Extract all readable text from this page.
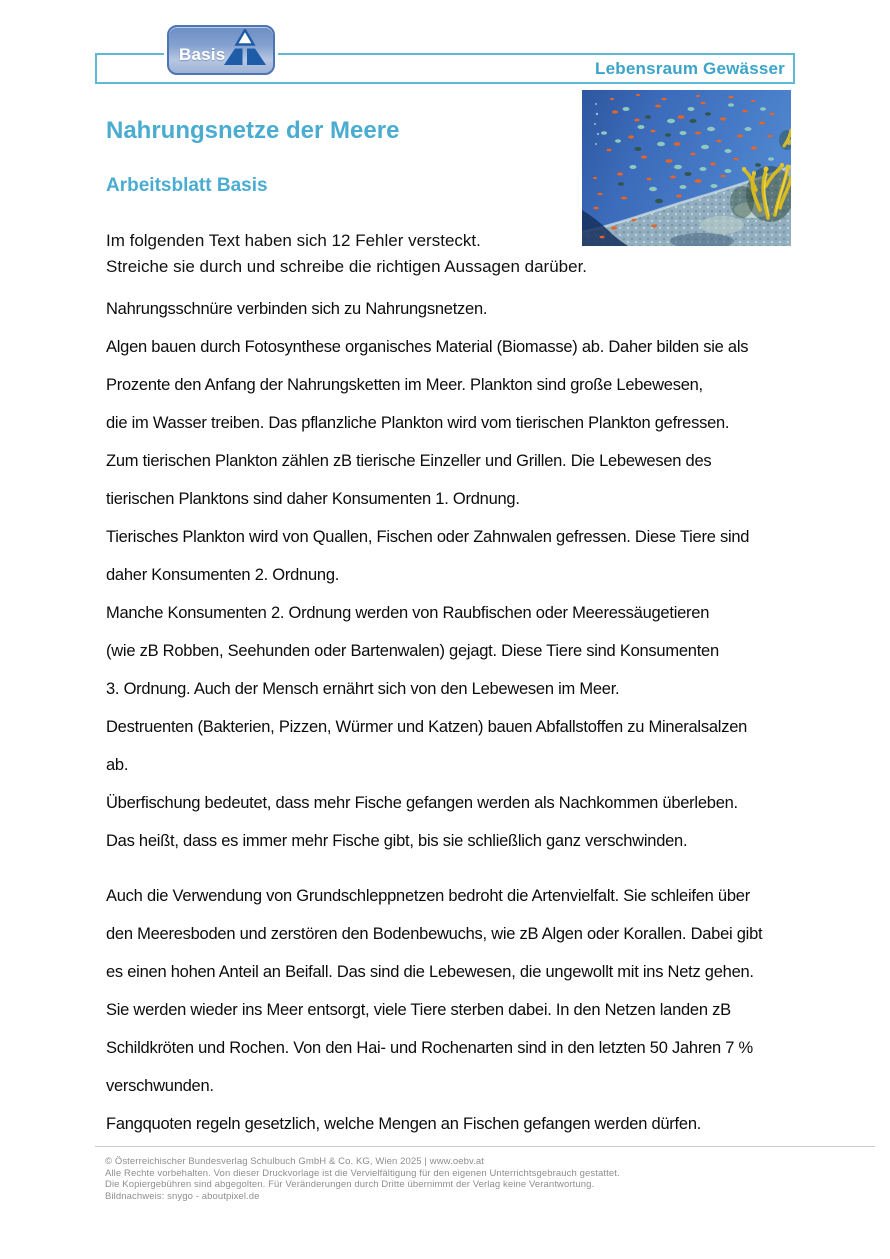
Lebensraum Gewässer
Basis
Nahrungsnetze der Meere
Arbeitsblatt Basis
Im folgenden Text haben sich 12 Fehler versteckt.
Streiche sie durch und schreibe die richtigen Aussagen darüber.
Nahrungsschnüre verbinden sich zu Nahrungsnetzen.
Algen bauen durch Fotosynthese organisches Material (Biomasse) ab. Daher bilden sie als
Prozente den Anfang der Nahrungsketten im Meer. Plankton sind große Lebewesen,
die im Wasser treiben. Das pflanzliche Plankton wird vom tierischen Plankton gefressen.
Zum tierischen Plankton zählen zB tierische Einzeller und Grillen. Die Lebewesen des
tierischen Planktons sind daher Konsumenten 1. Ordnung.
Tierisches Plankton wird von Quallen, Fischen oder Zahnwalen gefressen. Diese Tiere sind
daher Konsumenten 2. Ordnung.
Manche Konsumenten 2. Ordnung werden von Raubfischen oder Meeressäugetieren
(wie zB Robben, Seehunden oder Bartenwalen) gejagt. Diese Tiere sind Konsumenten
3. Ordnung. Auch der Mensch ernährt sich von den Lebewesen im Meer.
Destruenten (Bakterien, Pizzen, Würmer und Katzen) bauen Abfallstoffen zu Mineralsalzen
ab.
Überfischung bedeutet, dass mehr Fische gefangen werden als Nachkommen überleben.
Das heißt, dass es immer mehr Fische gibt, bis sie schließlich ganz verschwinden.
Auch die Verwendung von Grundschleppnetzen bedroht die Artenvielfalt. Sie schleifen über
den Meeresboden und zerstören den Bodenbewuchs, wie zB Algen oder Korallen. Dabei gibt
es einen hohen Anteil an Beifall. Das sind die Lebewesen, die ungewollt mit ins Netz gehen.
Sie werden wieder ins Meer entsorgt, viele Tiere sterben dabei. In den Netzen landen zB
Schildkröten und Rochen. Von den Hai- und Rochenarten sind in den letzten 50 Jahren 7 %
verschwunden.
Fangquoten regeln gesetzlich, welche Mengen an Fischen gefangen werden dürfen.
© Österreichischer Bundesverlag Schulbuch GmbH & Co. KG, Wien 2025 | www.oebv.at
Alle Rechte vorbehalten. Von dieser Druckvorlage ist die Vervielfältigung für den eigenen Unterrichtsgebrauch gestattet.
Die Kopiergebühren sind abgegolten. Für Veränderungen durch Dritte übernimmt der Verlag keine Verantwortung.
Bildnachweis: snygo - aboutpixel.de
